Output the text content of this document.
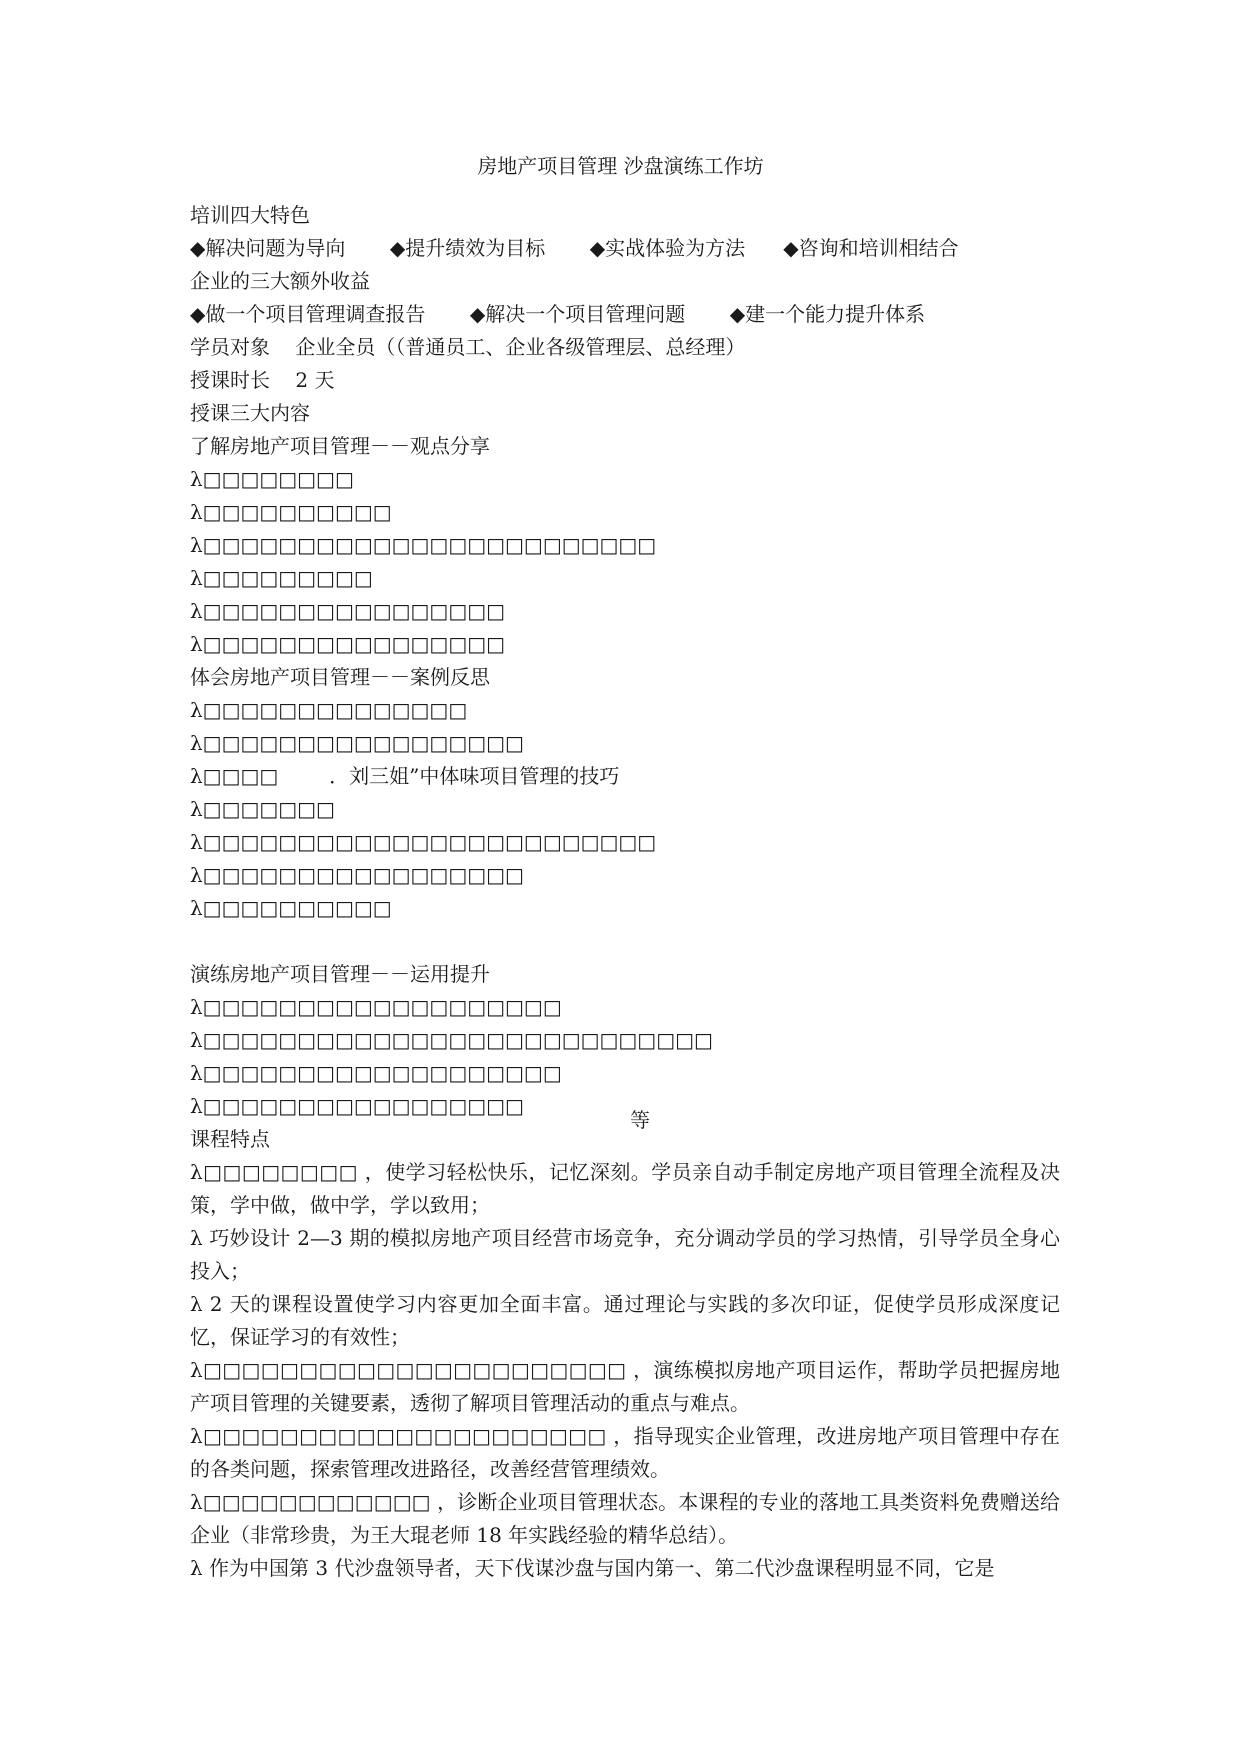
房地产项目管理 沙盘演练工作坊
培训四大特色
◆解决问题为导向       ◆提升绩效为目标       ◆实战体验为方法      ◆咨询和培训相结合
企业的三大额外收益
◆做一个项目管理调查报告       ◆解决一个项目管理问题       ◆建一个能力提升体系
学员对象    企业全员（（普通员工、企业各级管理层、总经理）
授课时长    2 天
授课三大内容
了解房地产项目管理－－观点分享
λ□□□□□□□□
λ□□□□□□□□□□
λ□□□□□□□□□□□□□□□□□□□□□□□□
λ□□□□□□□□□
λ□□□□□□□□□□□□□□□□
λ□□□□□□□□□□□□□□□□
体会房地产项目管理－－案例反思
λ□□□□□□□□□□□□□□
λ□□□□□□□□□□□□□□□□□
λ□□□□        ．刘三姐”中体味项目管理的技巧
λ□□□□□□□
λ□□□□□□□□□□□□□□□□□□□□□□□□
λ□□□□□□□□□□□□□□□□□
λ□□□□□□□□□□
演练房地产项目管理－－运用提升
λ□□□□□□□□□□□□□□□□□□□
λ□□□□□□□□□□□□□□□□□□□□□□□□□□□
λ□□□□□□□□□□□□□□□□□□□
λ□□□□□□□□□□□□□□□□□
课程特点
等
λ□□□□□□□□ ，使学习轻松快乐，记忆深刻。学员亲自动手制定房地产项目管理全流程及决策，学中做，做中学，学以致用；
λ 巧妙设计 2—3 期的模拟房地产项目经营市场竞争，充分调动学员的学习热情，引导学员全身心投入；
λ 2 天的课程设置使学习内容更加全面丰富。通过理论与实践的多次印证，促使学员形成深度记忆，保证学习的有效性；
λ□□□□□□□□□□□□□□□□□□□□□□ ，演练模拟房地产项目运作，帮助学员把握房地产项目管理的关键要素，透彻了解项目管理活动的重点与难点。
λ□□□□□□□□□□□□□□□□□□□□□ ，指导现实企业管理，改进房地产项目管理中存在的各类问题，探索管理改进路径，改善经营管理绩效。
λ□□□□□□□□□□□□ ，诊断企业项目管理状态。本课程的专业的落地工具类资料免费赠送给企业（非常珍贵，为王大琨老师 18 年实践经验的精华总结）。
λ 作为中国第 3 代沙盘领导者，天下伐谋沙盘与国内第一、第二代沙盘课程明显不同，它是
